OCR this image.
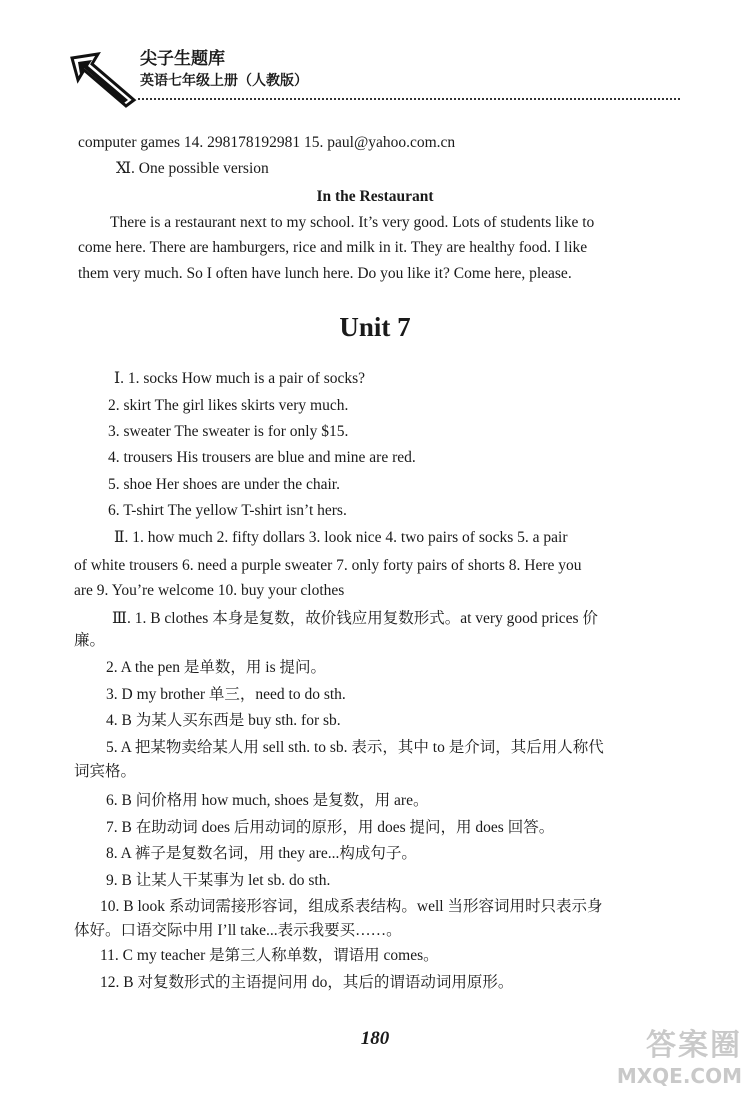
尖子生题库
英语七年级上册（人教版）
computer games 14. 298178192981 15. paul@yahoo.com.cn
Ⅺ. One possible version
In the Restaurant
There is a restaurant next to my school. It’s very good. Lots of students like to
come here. There are hamburgers, rice and milk in it. They are healthy food. I like
them very much. So I often have lunch here. Do you like it? Come here, please.
Unit 7
Ⅰ. 1. socks How much is a pair of socks?
2. skirt The girl likes skirts very much.
3. sweater The sweater is for only $15.
4. trousers His trousers are blue and mine are red.
5. shoe Her shoes are under the chair.
6. T-shirt The yellow T-shirt isn’t hers.
Ⅱ. 1. how much 2. fifty dollars 3. look nice 4. two pairs of socks 5. a pair
of white trousers 6. need a purple sweater 7. only forty pairs of shorts 8. Here you
are 9. You’re welcome 10. buy your clothes
Ⅲ. 1. B clothes 本身是复数，故价钱应用复数形式。at very good prices 价
廉。
2. A the pen 是单数，用 is 提问。
3. D my brother 单三，need to do sth.
4. B 为某人买东西是 buy sth. for sb.
5. A 把某物卖给某人用 sell sth. to sb. 表示，其中 to 是介词，其后用人称代
词宾格。
6. B 问价格用 how much, shoes 是复数，用 are。
7. B 在助动词 does 后用动词的原形，用 does 提问，用 does 回答。
8. A 裤子是复数名词，用 they are...构成句子。
9. B 让某人干某事为 let sb. do sth.
10. B look 系动词需接形容词，组成系表结构。well 当形容词用时只表示身
体好。口语交际中用 I’ll take...表示我要买……。
11. C my teacher 是第三人称单数，谓语用 comes。
12. B 对复数形式的主语提问用 do，其后的谓语动词用原形。
180	答案圈
MXQE.COM
